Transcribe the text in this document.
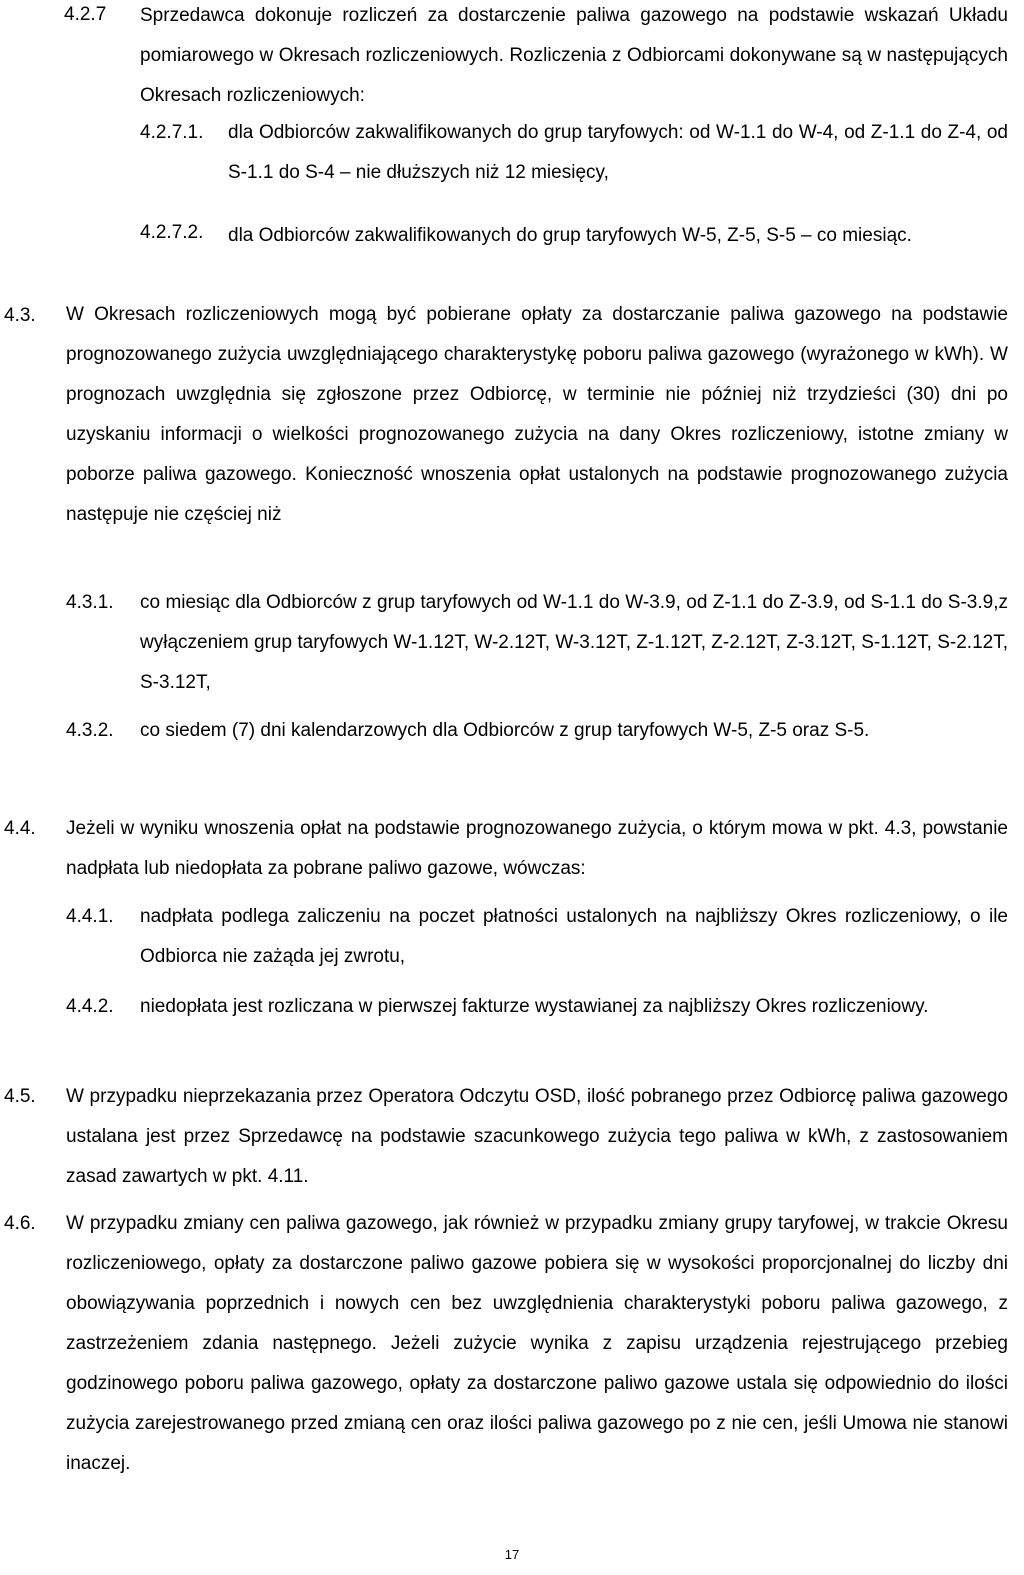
4.2.7 Sprzedawca dokonuje rozliczeń za dostarczenie paliwa gazowego na podstawie wskazań Układu pomiarowego w Okresach rozliczeniowych. Rozliczenia z Odbiorcami dokonywane są w następujących Okresach rozliczeniowych:
4.2.7.1. dla Odbiorców zakwalifikowanych do grup taryfowych: od W-1.1 do W-4, od Z-1.1 do Z-4, od S-1.1 do S-4 – nie dłuższych niż 12 miesięcy,
4.2.7.2. dla Odbiorców zakwalifikowanych do grup taryfowych W-5, Z-5, S-5 – co miesiąc.
4.3. W Okresach rozliczeniowych mogą być pobierane opłaty za dostarczanie paliwa gazowego na podstawie prognozowanego zużycia uwzględniającego charakterystykę poboru paliwa gazowego (wyrażonego w kWh). W prognozach uwzględnia się zgłoszone przez Odbiorcę, w terminie nie później niż trzydzieści (30) dni po uzyskaniu informacji o wielkości prognozowanego zużycia na dany Okres rozliczeniowy, istotne zmiany w poborze paliwa gazowego. Konieczność wnoszenia opłat ustalonych na podstawie prognozowanego zużycia następuje nie częściej niż
4.3.1. co miesiąc dla Odbiorców z grup taryfowych od W-1.1 do W-3.9, od Z-1.1 do Z-3.9, od S-1.1 do S-3.9,z wyłączeniem grup taryfowych W-1.12T, W-2.12T, W-3.12T, Z-1.12T, Z-2.12T, Z-3.12T, S-1.12T, S-2.12T, S-3.12T,
4.3.2. co siedem (7) dni kalendarzowych dla Odbiorców z grup taryfowych W-5, Z-5 oraz S-5.
4.4. Jeżeli w wyniku wnoszenia opłat na podstawie prognozowanego zużycia, o którym mowa w pkt. 4.3, powstanie nadpłata lub niedopłata za pobrane paliwo gazowe, wówczas:
4.4.1. nadpłata podlega zaliczeniu na poczet płatności ustalonych na najbliższy Okres rozliczeniowy, o ile Odbiorca nie zażąda jej zwrotu,
4.4.2. niedopłata jest rozliczana w pierwszej fakturze wystawianej za najbliższy Okres rozliczeniowy.
4.5. W przypadku nieprzekazania przez Operatora Odczytu OSD, ilość pobranego przez Odbiorcę paliwa gazowego ustalana jest przez Sprzedawcę na podstawie szacunkowego zużycia tego paliwa w kWh, z zastosowaniem zasad zawartych w pkt. 4.11.
4.6. W przypadku zmiany cen paliwa gazowego, jak również w przypadku zmiany grupy taryfowej, w trakcie Okresu rozliczeniowego, opłaty za dostarczone paliwo gazowe pobiera się w wysokości proporcjonalnej do liczby dni obowiązywania poprzednich i nowych cen bez uwzględnienia charakterystyki poboru paliwa gazowego, z zastrzeżeniem zdania następnego. Jeżeli zużycie wynika z zapisu urządzenia rejestrującego przebieg godzinowego poboru paliwa gazowego, opłaty za dostarczone paliwo gazowe ustala się odpowiednio do ilości zużycia zarejestrowanego przed zmianą cen oraz ilości paliwa gazowego po z nie cen, jeśli Umowa nie stanowi inaczej.
17
